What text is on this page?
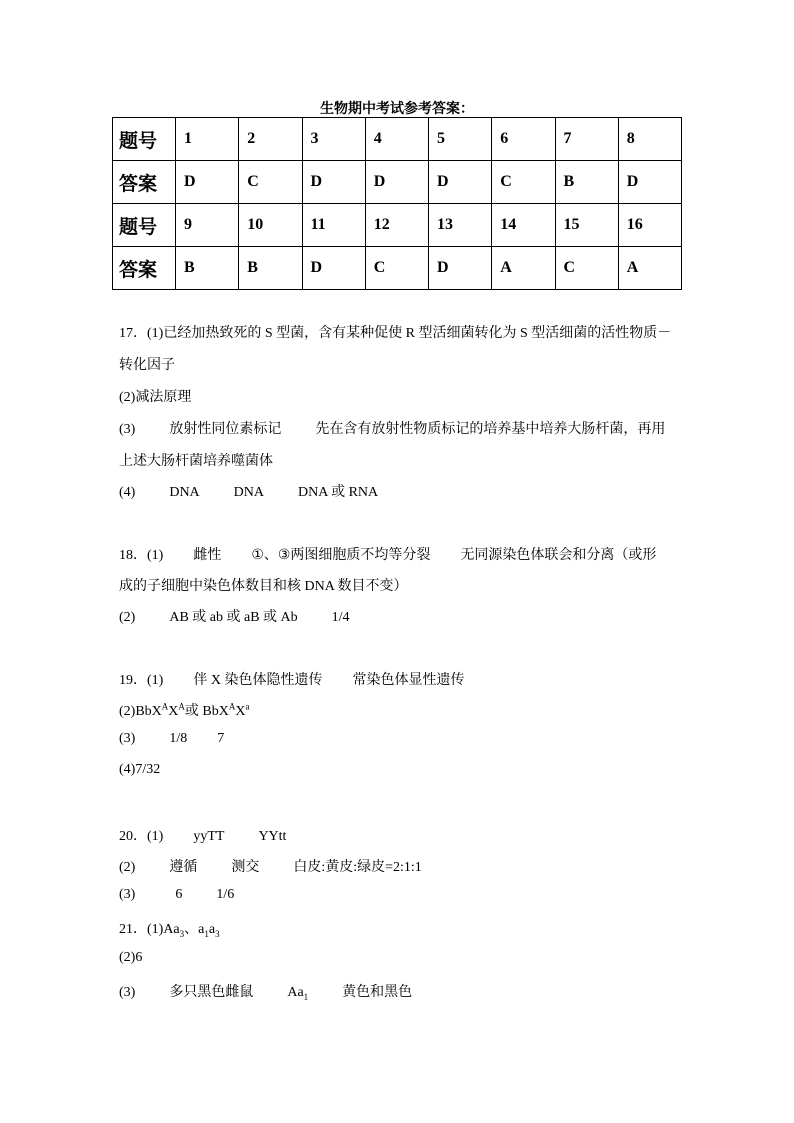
生物期中考试参考答案：
题号	1	2	3	4	5	6	7	8
答案	D	C	D	D	D	C	B	D
题号	9	10	11	12	13	14	15	16
答案	B	B	D	C	D	A	C	A
17．(1)已经加热致死的 S 型菌，含有某种促使 R 型活细菌转化为 S 型活细菌的活性物质－
转化因子
(2)减法原理
(3) 放射性同位素标记 先在含有放射性物质标记的培养基中培养大肠杆菌，再用
上述大肠杆菌培养噬菌体
(4) DNA DNA DNA 或 RNA
18．(1) 雌性 ①、③两图细胞质不均等分裂 无同源染色体联会和分离（或形
成的子细胞中染色体数目和核 DNA 数目不变）
(2) AB 或 ab 或 aB 或 Ab 1/4
19．(1) 伴 X 染色体隐性遗传 常染色体显性遗传
$(2)BbX^AX^A$或 $BbX^AX^a$
(3) 1/8 7
(4)7/32
20．(1) yyTT YYtt
(2) 遵循 测交 白皮:黄皮:绿皮=2:1:1
(3)	6 1/6
21．$(1)Aa_3$、$a_1a_3$
(2)6
(3) 多只黑色雌鼠 $Aa_1$ 黄色和黑色
